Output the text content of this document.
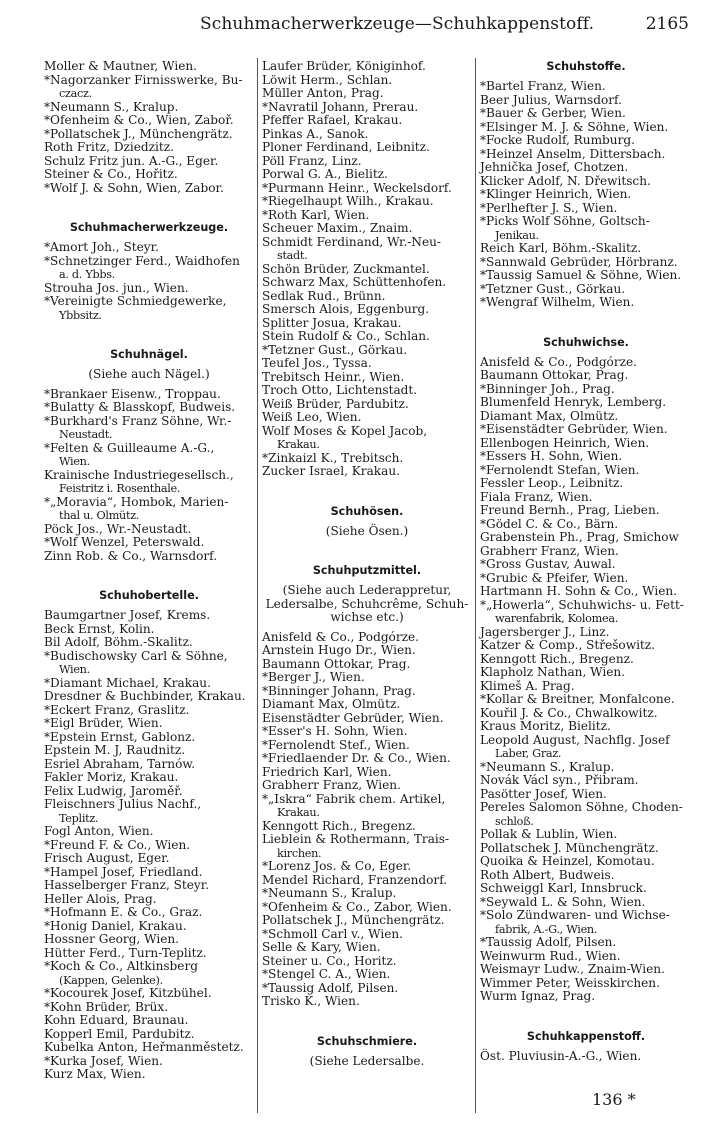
Schuhmacherwerkzeuge—Schuhkappenstoff.	2165
Moller & Mautner, Wien.
*Nagorzanker Firnisswerke, Bu-
czacz.
*Neumann S., Kralup.
*Ofenheim & Co., Wien, Zaboř.
*Pollatschek J., Münchengrätz.
Roth Fritz, Dziedzitz.
Schulz Fritz jun. A.-G., Eger.
Steiner & Co., Hořitz.
*Wolf J. & Sohn, Wien, Zabor.
Schuhmacherwerkzeuge.
*Amort Joh., Steyr.
*Schnetzinger Ferd., Waidhofen
a. d. Ybbs.
Strouha Jos. jun., Wien.
*Vereinigte Schmiedgewerke,
Ybbsitz.
Schuhnägel.
(Siehe auch Nägel.)
*Brankaer Eisenw., Troppau.
*Bulatty & Blasskopf, Budweis.
*Burkhard's Franz Söhne, Wr.-
Neustadt.
*Felten & Guilleaume A.-G.,
Wien.
Krainische Industriegesellsch.,
Feistritz i. Rosenthale.
*„Moravia“, Hombok, Marien-
thal u. Olmütz.
Pöck Jos., Wr.-Neustadt.
*Wolf Wenzel, Peterswald.
Zinn Rob. & Co., Warnsdorf.
Schuhobertelle.
Baumgartner Josef, Krems.
Beck Ernst, Kolin.
Bil Adolf, Böhm.-Skalitz.
*Budischowsky Carl & Söhne,
Wien.
*Diamant Michael, Krakau.
Dresdner & Buchbinder, Krakau.
*Eckert Franz, Graslitz.
*Eigl Brüder, Wien.
*Epstein Ernst, Gablonz.
Epstein M. J, Raudnitz.
Esriel Abraham, Tarnów.
Fakler Moriz, Krakau.
Felix Ludwig, Jaroměř.
Fleischners Julius Nachf.,
Teplitz.
Fogl Anton, Wien.
*Freund F. & Co., Wien.
Frisch August, Eger.
*Hampel Josef, Friedland.
Hasselberger Franz, Steyr.
Heller Alois, Prag.
*Hofmann E. & Co., Graz.
*Honig Daniel, Krakau.
Hossner Georg, Wien.
Hütter Ferd., Turn-Teplitz.
*Koch & Co., Altkinsberg
(Kappen, Gelenke).
*Kocourek Josef, Kitzbühel.
*Kohn Brüder, Brüx.
Kohn Eduard, Braunau.
Kopperl Emil, Pardubitz.
Kubelka Anton, Heřmanměstetz.
*Kurka Josef, Wien.
Kurz Max, Wien.
Laufer Brüder, Königinhof.
Löwit Herm., Schlan.
Müller Anton, Prag.
*Navratil Johann, Prerau.
Pfeffer Rafael, Krakau.
Pinkas A., Sanok.
Ploner Ferdinand, Leibnitz.
Pöll Franz, Linz.
Porwal G. A., Bielitz.
*Purmann Heinr., Weckelsdorf.
*Riegelhaupt Wilh., Krakau.
*Roth Karl, Wien.
Scheuer Maxim., Znaim.
Schmidt Ferdinand, Wr.-Neu-
stadt.
Schön Brüder, Zuckmantel.
Schwarz Max, Schüttenhofen.
Sedlak Rud., Brünn.
Smersch Alois, Eggenburg.
Splitter Josua, Krakau.
Stein Rudolf & Co., Schlan.
*Tetzner Gust., Görkau.
Teufel Jos., Tyssa.
Trebitsch Heinr., Wien.
Troch Otto, Lichtenstadt.
Weiß Brüder, Pardubitz.
Weiß Leo, Wien.
Wolf Moses & Kopel Jacob,
Krakau.
*Zinkaizl K., Trebitsch.
Zucker Israel, Krakau.
Schuhösen.
(Siehe Ösen.)
Schuhputzmittel.
(Siehe auch Lederappretur,
Ledersalbe, Schuhcrême, Schuh-
wichse etc.)
Anisfeld & Co., Podgórze.
Arnstein Hugo Dr., Wien.
Baumann Ottokar, Prag.
*Berger J., Wien.
*Binninger Johann, Prag.
Diamant Max, Olmütz.
Eisenstädter Gebrüder, Wien.
*Esser's H. Sohn, Wien.
*Fernolendt Stef., Wien.
*Friedlaender Dr. & Co., Wien.
Friedrich Karl, Wien.
Grabherr Franz, Wien.
*„Iskra“ Fabrik chem. Artikel,
Krakau.
Kenngott Rich., Bregenz.
Lieblein & Rothermann, Trais-
kirchen.
*Lorenz Jos. & Co, Eger.
Mendel Richard, Franzendorf.
*Neumann S., Kralup.
*Ofenheim & Co., Zabor, Wien.
Pollatschek J., Münchengrätz.
*Schmoll Carl v., Wien.
Selle & Kary, Wien.
Steiner u. Co., Horitz.
*Stengel C. A., Wien.
*Taussig Adolf, Pilsen.
Trisko K., Wien.
Schuhschmiere.
(Siehe Ledersalbe.
Schuhstoffe.
*Bartel Franz, Wien.
Beer Julius, Warnsdorf.
*Bauer & Gerber, Wien.
*Elsinger M. J. & Söhne, Wien.
*Focke Rudolf, Rumburg.
*Heinzel Anselm, Dittersbach.
Jehnička Josef, Chotzen.
Klicker Adolf, N. Dřewitsch.
*Klinger Heinrich, Wien.
*Perlhefter J. S., Wien.
*Picks Wolf Söhne, Goltsch-
Jenikau.
Reich Karl, Böhm.-Skalitz.
*Sannwald Gebrüder, Hörbranz.
*Taussig Samuel & Söhne, Wien.
*Tetzner Gust., Görkau.
*Wengraf Wilhelm, Wien.
Schuhwichse.
Anisfeld & Co., Podgórze.
Baumann Ottokar, Prag.
*Binninger Joh., Prag.
Blumenfeld Henryk, Lemberg.
Diamant Max, Olmütz.
*Eisenstädter Gebrüder, Wien.
Ellenbogen Heinrich, Wien.
*Essers H. Sohn, Wien.
*Fernolendt Stefan, Wien.
Fessler Leop., Leibnitz.
Fiala Franz, Wien.
Freund Bernh., Prag, Lieben.
*Gödel C. & Co., Bärn.
Grabenstein Ph., Prag, Smichow
Grabherr Franz, Wien.
*Gross Gustav, Auwal.
*Grubic & Pfeifer, Wien.
Hartmann H. Sohn & Co., Wien.
*„Howerla“, Schuhwichs- u. Fett-
warenfabrik, Kolomea.
Jagersberger J., Linz.
Katzer & Comp., Střešowitz.
Kenngott Rich., Bregenz.
Klapholz Nathan, Wien.
Klimeš A. Prag.
*Kollar & Breitner, Monfalcone.
Kouřil J. & Co., Chwalkowitz.
Kraus Moritz, Bielitz.
Leopold August, Nachflg. Josef
Laber, Graz.
*Neumann S., Kralup.
Novák Václ syn., Přibram.
Pasötter Josef, Wien.
Pereles Salomon Söhne, Choden-
schloß.
Pollak & Lublin, Wien.
Pollatschek J. Münchengrätz.
Quoika & Heinzel, Komotau.
Roth Albert, Budweis.
Schweiggl Karl, Innsbruck.
*Seywald L. & Sohn, Wien.
*Solo Zündwaren- und Wichse-
fabrik, A.-G., Wien.
*Taussig Adolf, Pilsen.
Weinwurm Rud., Wien.
Weismayr Ludw., Znaim-Wien.
Wimmer Peter, Weisskirchen.
Wurm Ignaz, Prag.
Schuhkappenstoff.
Öst. Pluviusin-A.-G., Wien.
136 *
